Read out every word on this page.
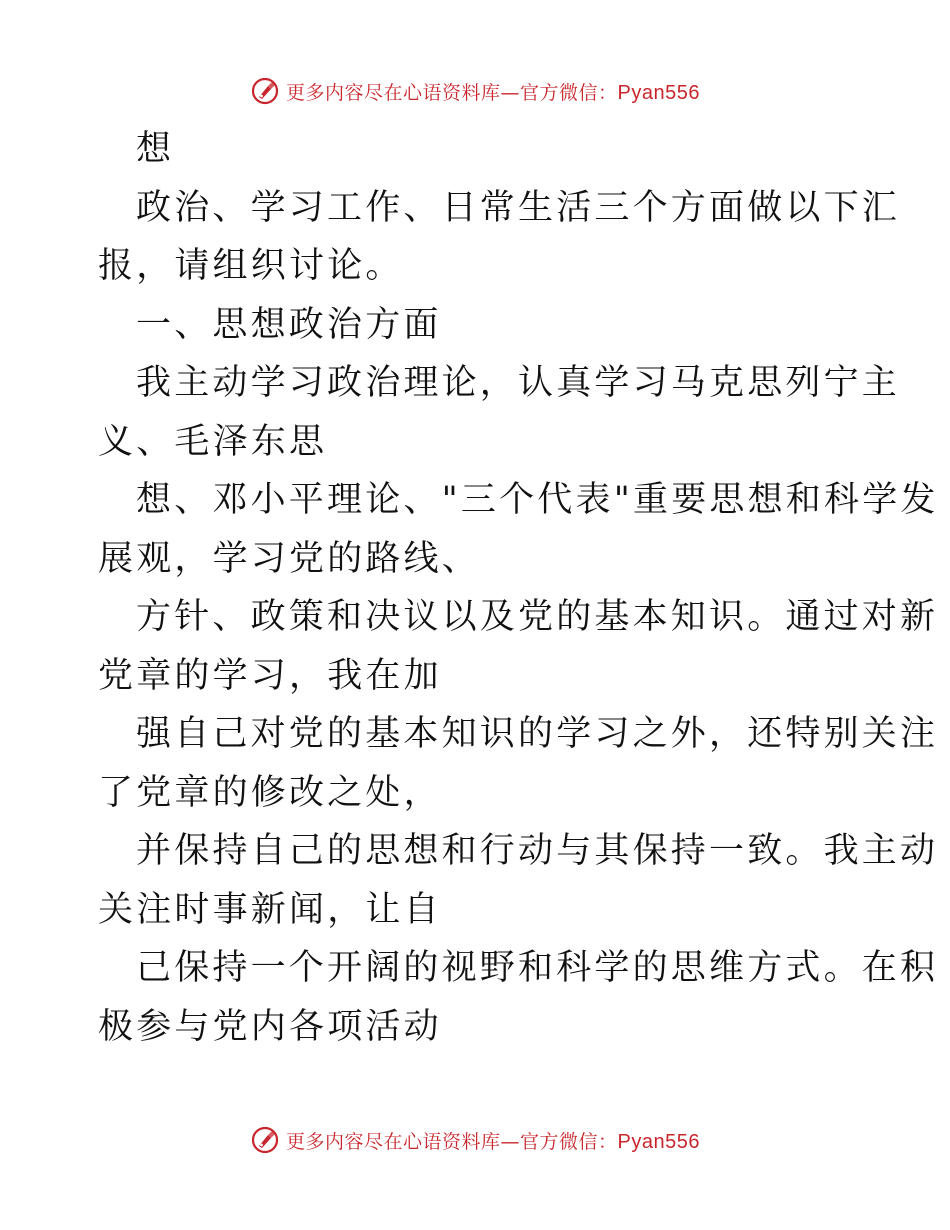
更多内容尽在心语资料库—官方微信：Pyan556
想
政治、学习工作、日常生活三个方面做以下汇
报，请组织讨论。
一、思想政治方面
我主动学习政治理论，认真学习马克思列宁主
义、毛泽东思
想、邓小平理论、"三个代表"重要思想和科学发
展观，学习党的路线、
方针、政策和决议以及党的基本知识。通过对新
党章的学习，我在加
强自己对党的基本知识的学习之外，还特别关注
了党章的修改之处，
并保持自己的思想和行动与其保持一致。我主动
关注时事新闻，让自
己保持一个开阔的视野和科学的思维方式。在积
极参与党内各项活动
更多内容尽在心语资料库—官方微信：Pyan556
